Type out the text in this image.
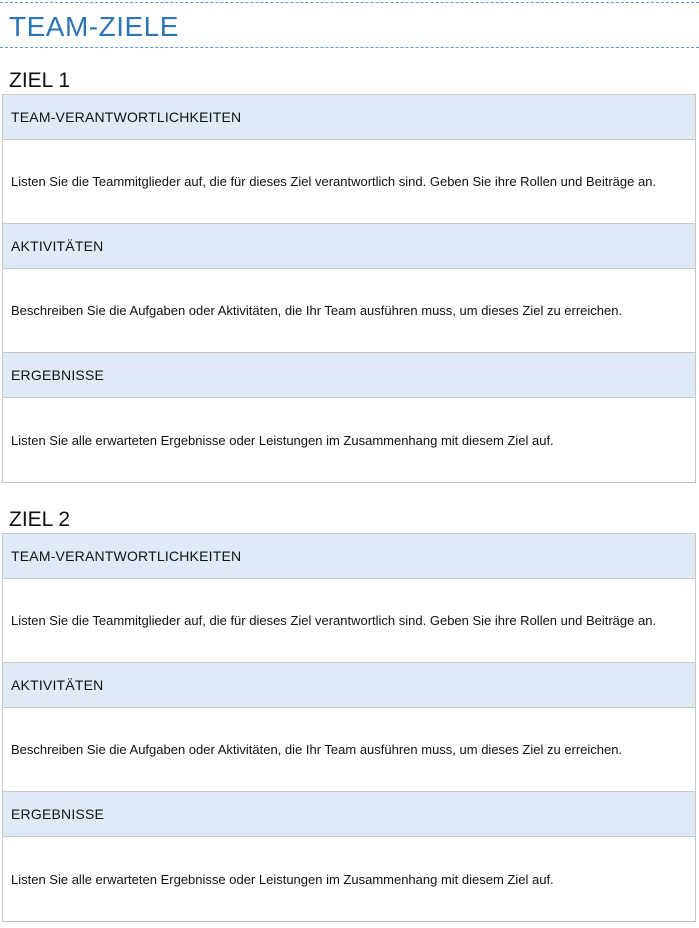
TEAM-ZIELE
ZIEL 1
TEAM-VERANTWORTLICHKEITEN
Listen Sie die Teammitglieder auf, die für dieses Ziel verantwortlich sind. Geben Sie ihre Rollen und Beiträge an.
AKTIVITÄTEN
Beschreiben Sie die Aufgaben oder Aktivitäten, die Ihr Team ausführen muss, um dieses Ziel zu erreichen.
ERGEBNISSE
Listen Sie alle erwarteten Ergebnisse oder Leistungen im Zusammenhang mit diesem Ziel auf.
ZIEL 2
TEAM-VERANTWORTLICHKEITEN
Listen Sie die Teammitglieder auf, die für dieses Ziel verantwortlich sind. Geben Sie ihre Rollen und Beiträge an.
AKTIVITÄTEN
Beschreiben Sie die Aufgaben oder Aktivitäten, die Ihr Team ausführen muss, um dieses Ziel zu erreichen.
ERGEBNISSE
Listen Sie alle erwarteten Ergebnisse oder Leistungen im Zusammenhang mit diesem Ziel auf.
